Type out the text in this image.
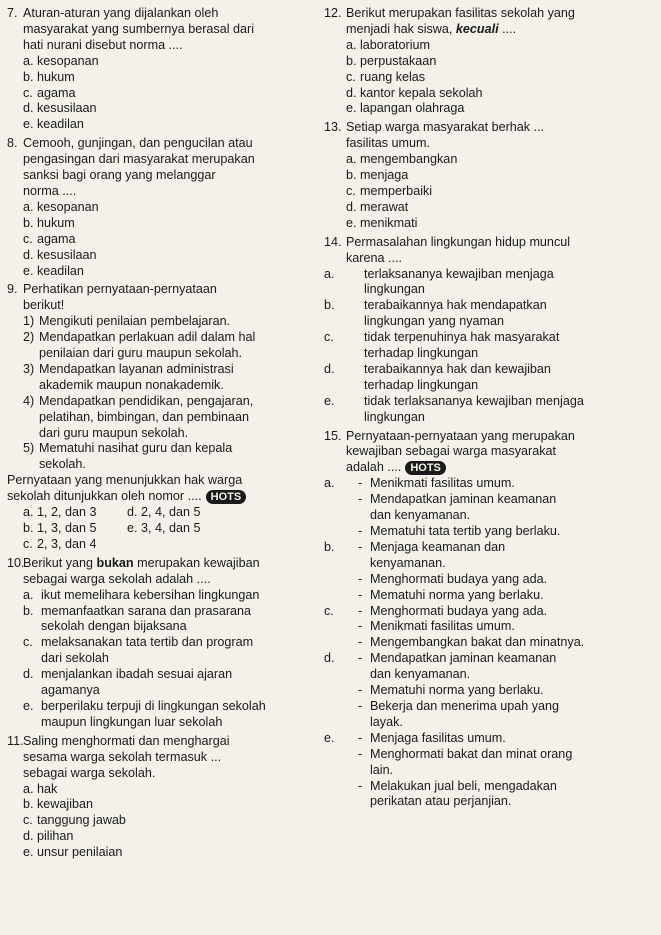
7. Aturan-aturan yang dijalankan oleh
masyarakat yang sumbernya berasal dari
hati nurani disebut norma ....
a. kesopanan
b. hukum
c. agama
d. kesusilaan
e. keadilan
8. Cemooh, gunjingan, dan pengucilan atau
pengasingan dari masyarakat merupakan
sanksi bagi orang yang melanggar
norma ....
a. kesopanan
b. hukum
c. agama
d. kesusilaan
e. keadilan
9. Perhatikan pernyataan-pernyataan
berikut!
1) Mengikuti penilaian pembelajaran.
2) Mendapatkan perlakuan adil dalam hal
penilaian dari guru maupun sekolah.
3) Mendapatkan layanan administrasi
akademik maupun nonakademik.
4) Mendapatkan pendidikan, pengajaran,
pelatihan, bimbingan, dan pembinaan
dari guru maupun sekolah.
5) Mematuhi nasihat guru dan kepala
sekolah.
Pernyataan yang menunjukkan hak warga
sekolah ditunjukkan oleh nomor .... HOTS
a. 1, 2, dan 3	d. 2, 4, dan 5
b. 1, 3, dan 5	e. 3, 4, dan 5
c. 2, 3, dan 4
10.
Berikut yang bukan merupakan kewajiban
sebagai warga sekolah adalah ....
a. ikut memelihara kebersihan lingkungan
b. memanfaatkan sarana dan prasarana
sekolah dengan bijaksana
c. melaksanakan tata tertib dan program
dari sekolah
d. menjalankan ibadah sesuai ajaran
agamanya
e. berperilaku terpuji di lingkungan sekolah
maupun lingkungan luar sekolah
11. Saling menghormati dan menghargai
sesama warga sekolah termasuk ...
sebagai warga sekolah.
a. hak
b. kewajiban
c. tanggung jawab
d. pilihan
e. unsur penilaian
12. Berikut merupakan fasilitas sekolah yang
menjadi hak siswa, kecuali ....
a. laboratorium
b. perpustakaan
c. ruang kelas
d. kantor kepala sekolah
e. lapangan olahraga
13. Setiap warga masyarakat berhak ...
fasilitas umum.
a. mengembangkan
b. menjaga
c. memperbaiki
d. merawat
e. menikmati
14. Permasalahan lingkungan hidup muncul
karena ....
a. terlaksananya kewajiban menjaga
lingkungan
b. terabaikannya hak mendapatkan
lingkungan yang nyaman
c. tidak terpenuhinya hak masyarakat
terhadap lingkungan
d. terabaikannya hak dan kewajiban
terhadap lingkungan
e. tidak terlaksananya kewajiban menjaga
lingkungan
15. Pernyataan-pernyataan yang merupakan
kewajiban sebagai warga masyarakat
adalah .... HOTS
a. - Menikmati fasilitas umum.
- Mendapatkan jaminan keamanan
dan kenyamanan.
- Mematuhi tata tertib yang berlaku.
b. - Menjaga keamanan dan
kenyamanan.
- Menghormati budaya yang ada.
- Mematuhi norma yang berlaku.
c. - Menghormati budaya yang ada.
- Menikmati fasilitas umum.
- Mengembangkan bakat dan minatnya.
d. - Mendapatkan jaminan keamanan
dan kenyamanan.
- Mematuhi norma yang berlaku.
- Bekerja dan menerima upah yang
layak.
e. - Menjaga fasilitas umum.
- Menghormati bakat dan minat orang
lain.
- Melakukan jual beli, mengadakan
perikatan atau perjanjian.
